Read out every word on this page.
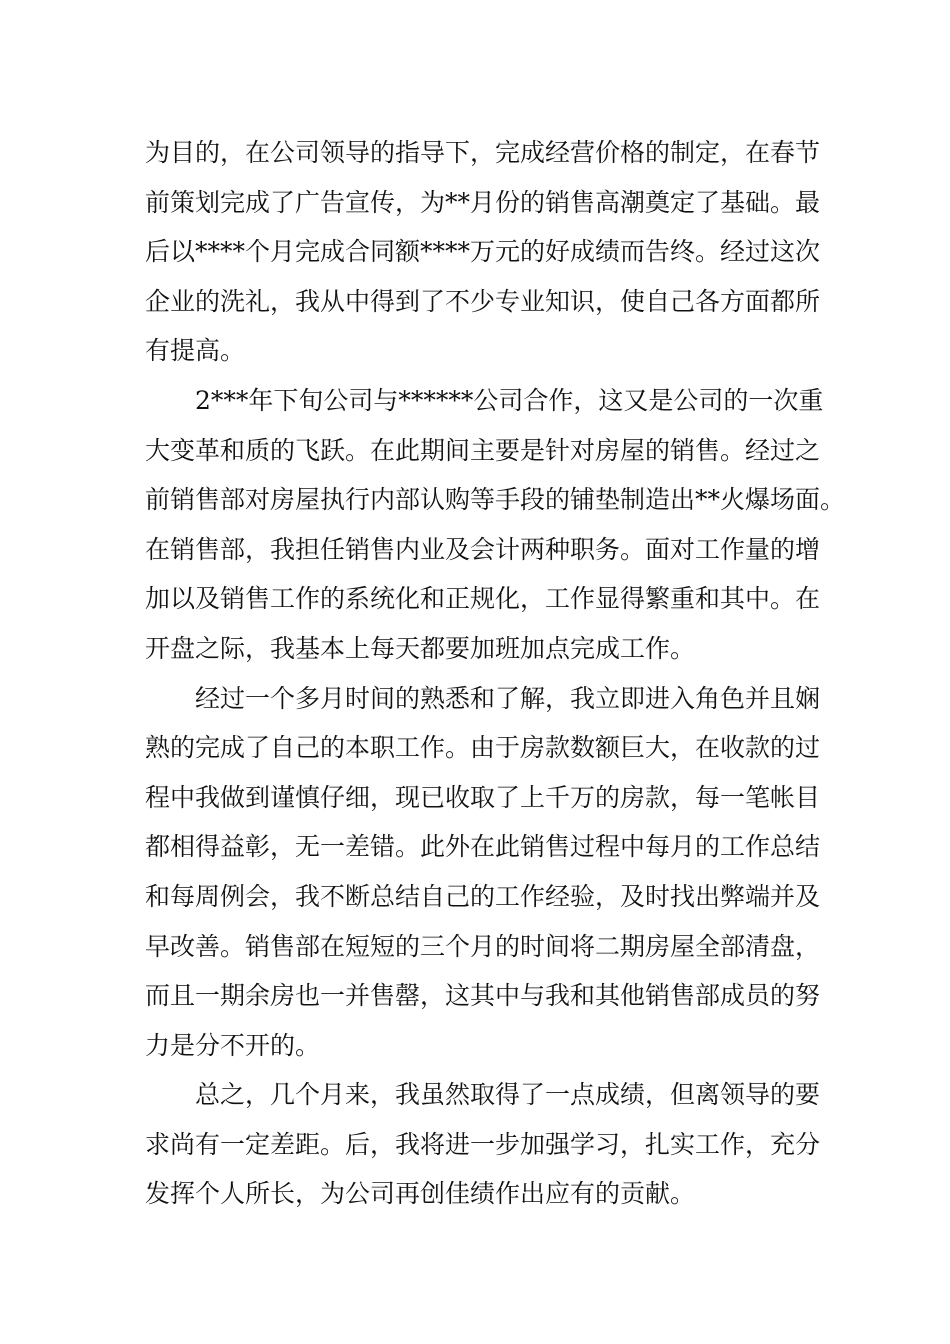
为目的，在公司领导的指导下，完成经营价格的制定，在春节
前策划完成了广告宣传，为**月份的销售高潮奠定了基础。最
后以****个月完成合同额****万元的好成绩而告终。经过这次
企业的洗礼，我从中得到了不少专业知识，使自己各方面都所
有提高。
　　2***年下旬公司与******公司合作，这又是公司的一次重
大变革和质的飞跃。在此期间主要是针对房屋的销售。经过之
前销售部对房屋执行内部认购等手段的铺垫制造出**火爆场面。
在销售部，我担任销售内业及会计两种职务。面对工作量的增
加以及销售工作的系统化和正规化，工作显得繁重和其中。在
开盘之际，我基本上每天都要加班加点完成工作。
　　经过一个多月时间的熟悉和了解，我立即进入角色并且娴
熟的完成了自己的本职工作。由于房款数额巨大，在收款的过
程中我做到谨慎仔细，现已收取了上千万的房款，每一笔帐目
都相得益彰，无一差错。此外在此销售过程中每月的工作总结
和每周例会，我不断总结自己的工作经验，及时找出弊端并及
早改善。销售部在短短的三个月的时间将二期房屋全部清盘，
而且一期余房也一并售罄，这其中与我和其他销售部成员的努
力是分不开的。
　　总之，几个月来，我虽然取得了一点成绩，但离领导的要
求尚有一定差距。后，我将进一步加强学习，扎实工作，充分
发挥个人所长，为公司再创佳绩作出应有的贡献。
